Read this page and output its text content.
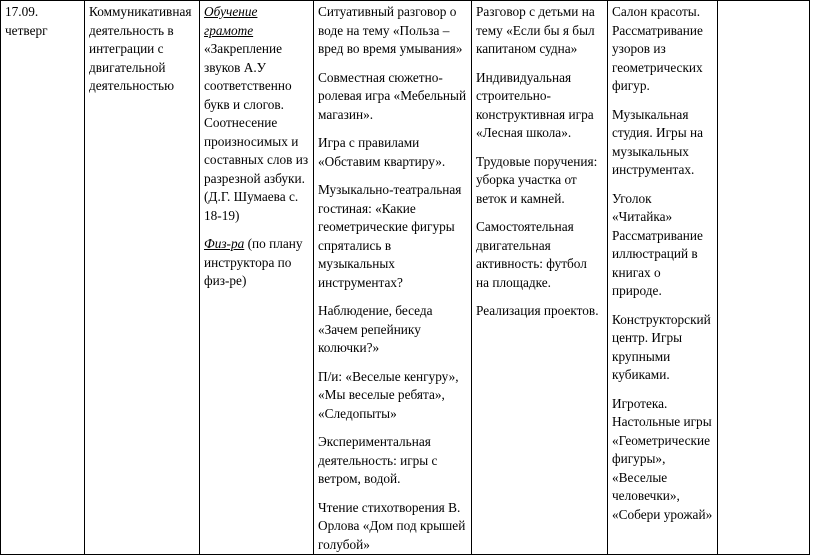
17.09.
четверг

Коммуникативная деятельность в интеграции с двигательной деятельностью

Обучение грамоте «Закрепление звуков А.У соответственно букв и слогов. Соотнесение произносимых и составных слов из разрезной азбуки. (Д.Г. Шумаева с. 18-19)
Физ-ра (по плану инструктора по физ-ре)

Ситуативный разговор о воде на тему «Польза – вред во время умывания»
Совместная сюжетно-ролевая игра «Мебельный магазин».
Игра с правилами «Обставим квартиру».
Музыкально-театральная гостиная: «Какие геометрические фигуры спрятались в музыкальных инструментах?
Наблюдение, беседа «Зачем репейнику колючки?»
П/и: «Веселые кенгуру», «Мы веселые ребята», «Следопыты»
Экспериментальная деятельность: игры с ветром, водой.
Чтение стихотворения В. Орлова «Дом под крышей голубой»

Разговор с детьми на тему «Если бы я был капитаном судна»
Индивидуальная строительно-конструктивная игра «Лесная школа».
Трудовые поручения: уборка участка от веток и камней.
Самостоятельная двигательная активность: футбол на площадке.
Реализация проектов.

Салон красоты. Рассматривание узоров из геометрических фигур.
Музыкальная студия. Игры на музыкальных инструментах.
Уголок «Читайка» Рассматривание иллюстраций в книгах о природе.
Конструкторский центр. Игры крупными кубиками.
Игротека. Настольные игры «Геометрические фигуры», «Веселые человечки», «Собери урожай»
